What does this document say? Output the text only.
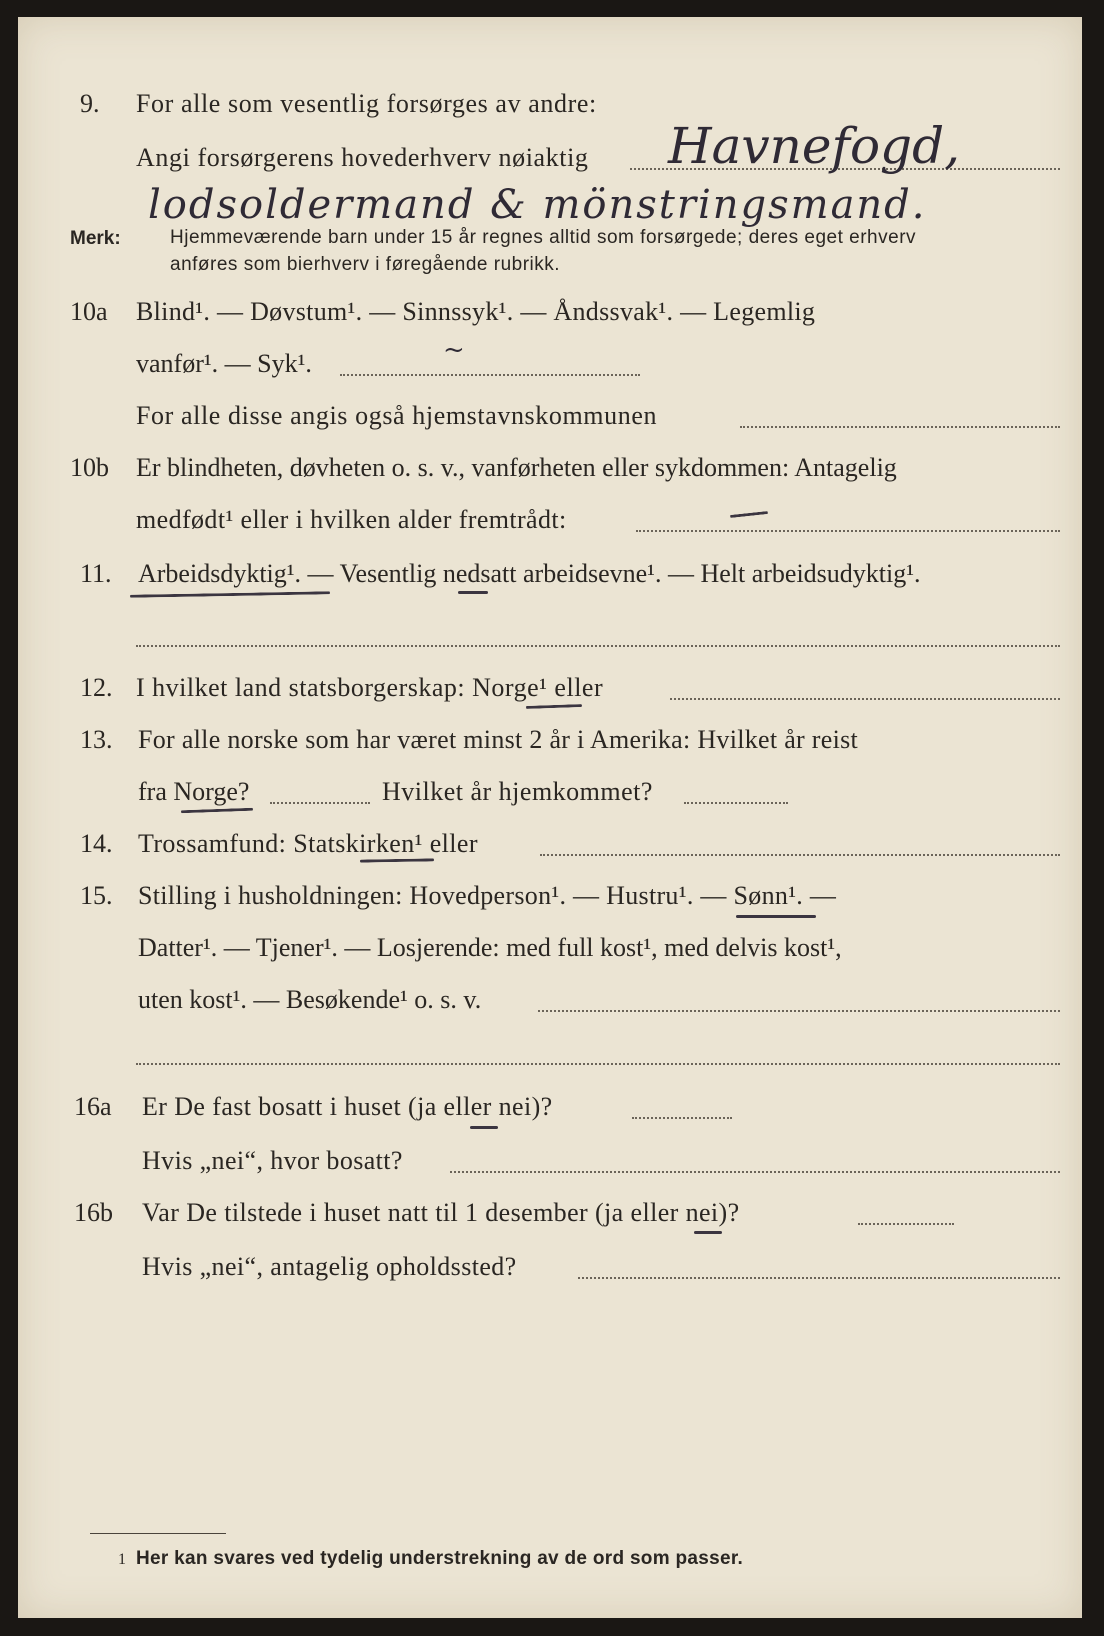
9. For alle som vesentlig forsørges av andre:
Angi forsørgerens hovederhverv nøiaktig Havnefogd,
lodsoldermand & mönstringsmand.
Merk:	Hjemmeværende barn under 15 år regnes alltid som forsørgede; deres eget erhverv
anføres som bierhverv i føregående rubrikk.
10a Blind¹. — Døvstum¹. — Sinnssyk¹. — Åndssvak¹. — Legemlig
vanfør¹. — Syk¹.	~
For alle disse angis også hjemstavnskommunen
10b Er blindheten, døvheten o. s. v., vanførheten eller sykdommen: Antagelig
medfødt¹ eller i hvilken alder fremtrådt:
11. Arbeidsdyktig¹. — Vesentlig nedsatt arbeidsevne¹. — Helt arbeidsudyktig¹.
12. I hvilket land statsborgerskap: Norge¹ eller
13. For alle norske som har været minst 2 år i Amerika: Hvilket år reist
fra Norge?	Hvilket år hjemkommet?
14. Trossamfund: Statskirken¹ eller
15. Stilling i husholdningen: Hovedperson¹. — Hustru¹. — Sønn¹. —
Datter¹. — Tjener¹. — Losjerende: med full kost¹, med delvis kost¹,
uten kost¹. — Besøkende¹ o. s. v.
16a Er De fast bosatt i huset (ja eller nei)?
Hvis „nei“, hvor bosatt?
16b Var De tilstede i huset natt til 1 desember (ja eller nei)?
Hvis „nei“, antagelig opholdssted?
1 Her kan svares ved tydelig understrekning av de ord som passer.
